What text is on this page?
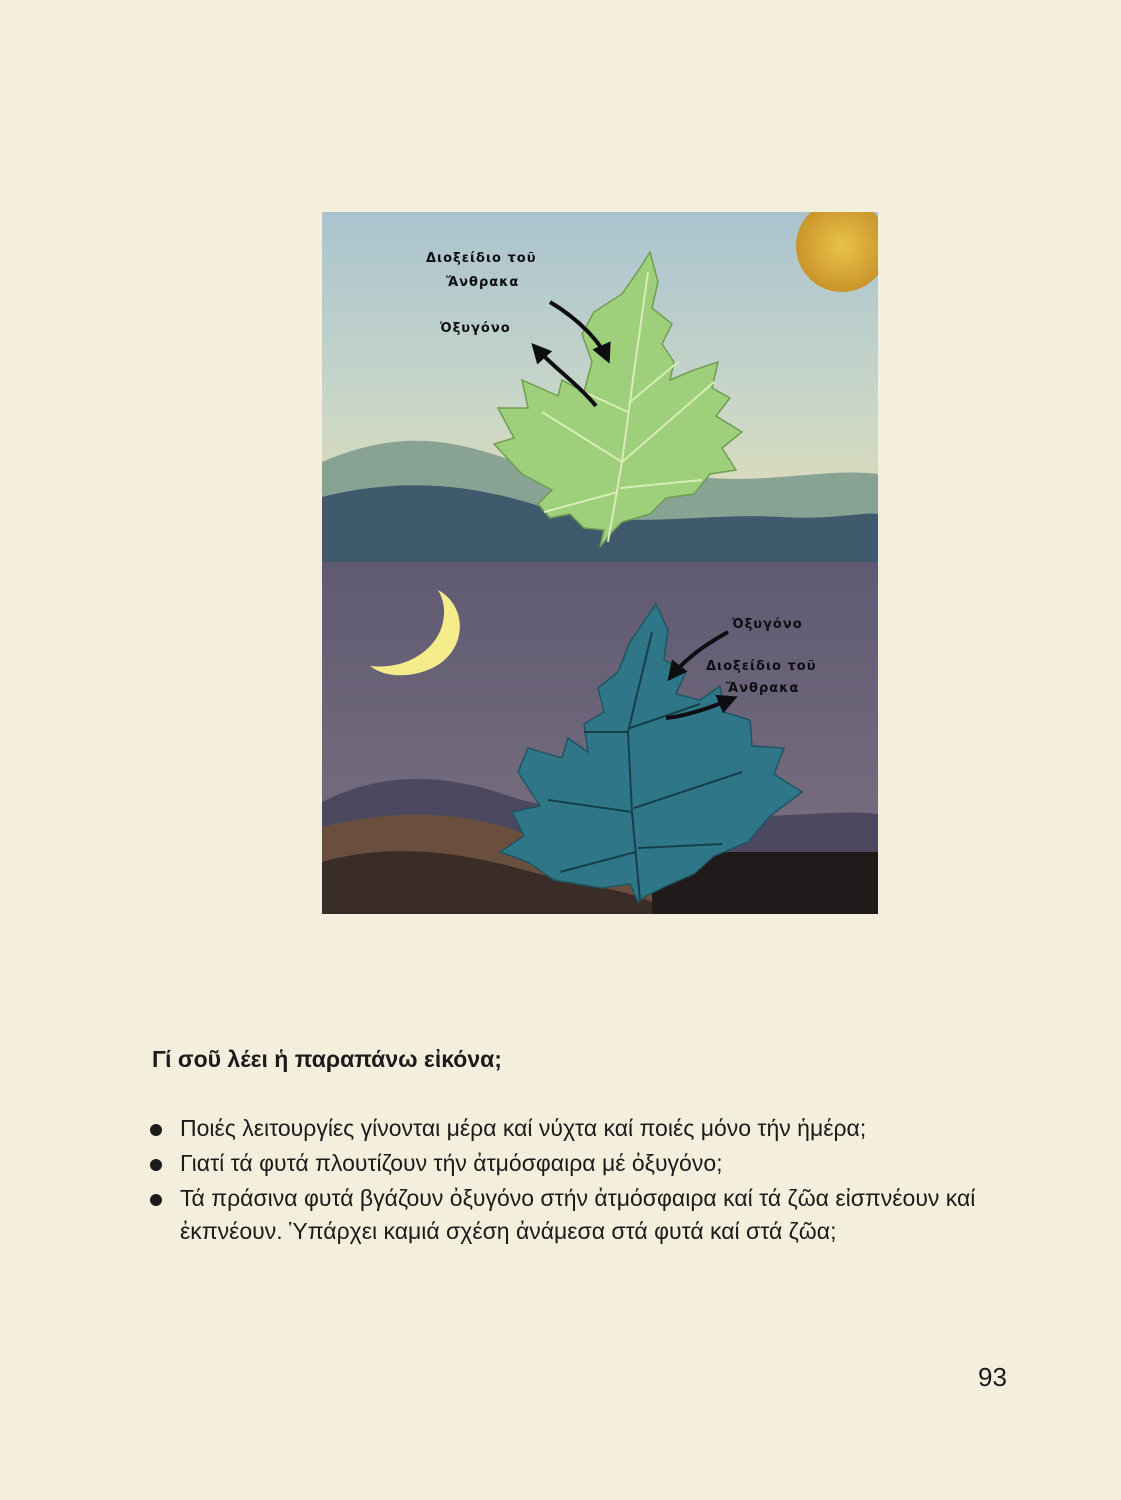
Διοξείδιο τοῦ
Ἄνθρακα
Ὀξυγόνο
Ὀξυγόνο
Διοξείδιο τοῦ
Ἄνθρακα
Γί σοῦ λέει ἡ παραπάνω εἰκόνα;
Ποιές λειτουργίες γίνονται μέρα καί νύχτα καί ποιές μόνο τήν ἡμέρα;
Γιατί τά φυτά πλουτίζουν τήν ἀτμόσφαιρα μέ ὀξυγόνο;
Τά πράσινα φυτά βγάζουν ὀξυγόνο στήν ἀτμόσφαιρα καί τά ζῶα εἰσπνέουν καί ἐκπνέουν. Ὑπάρχει καμιά σχέση ἀνάμεσα στά φυτά καί στά ζῶα;

93
